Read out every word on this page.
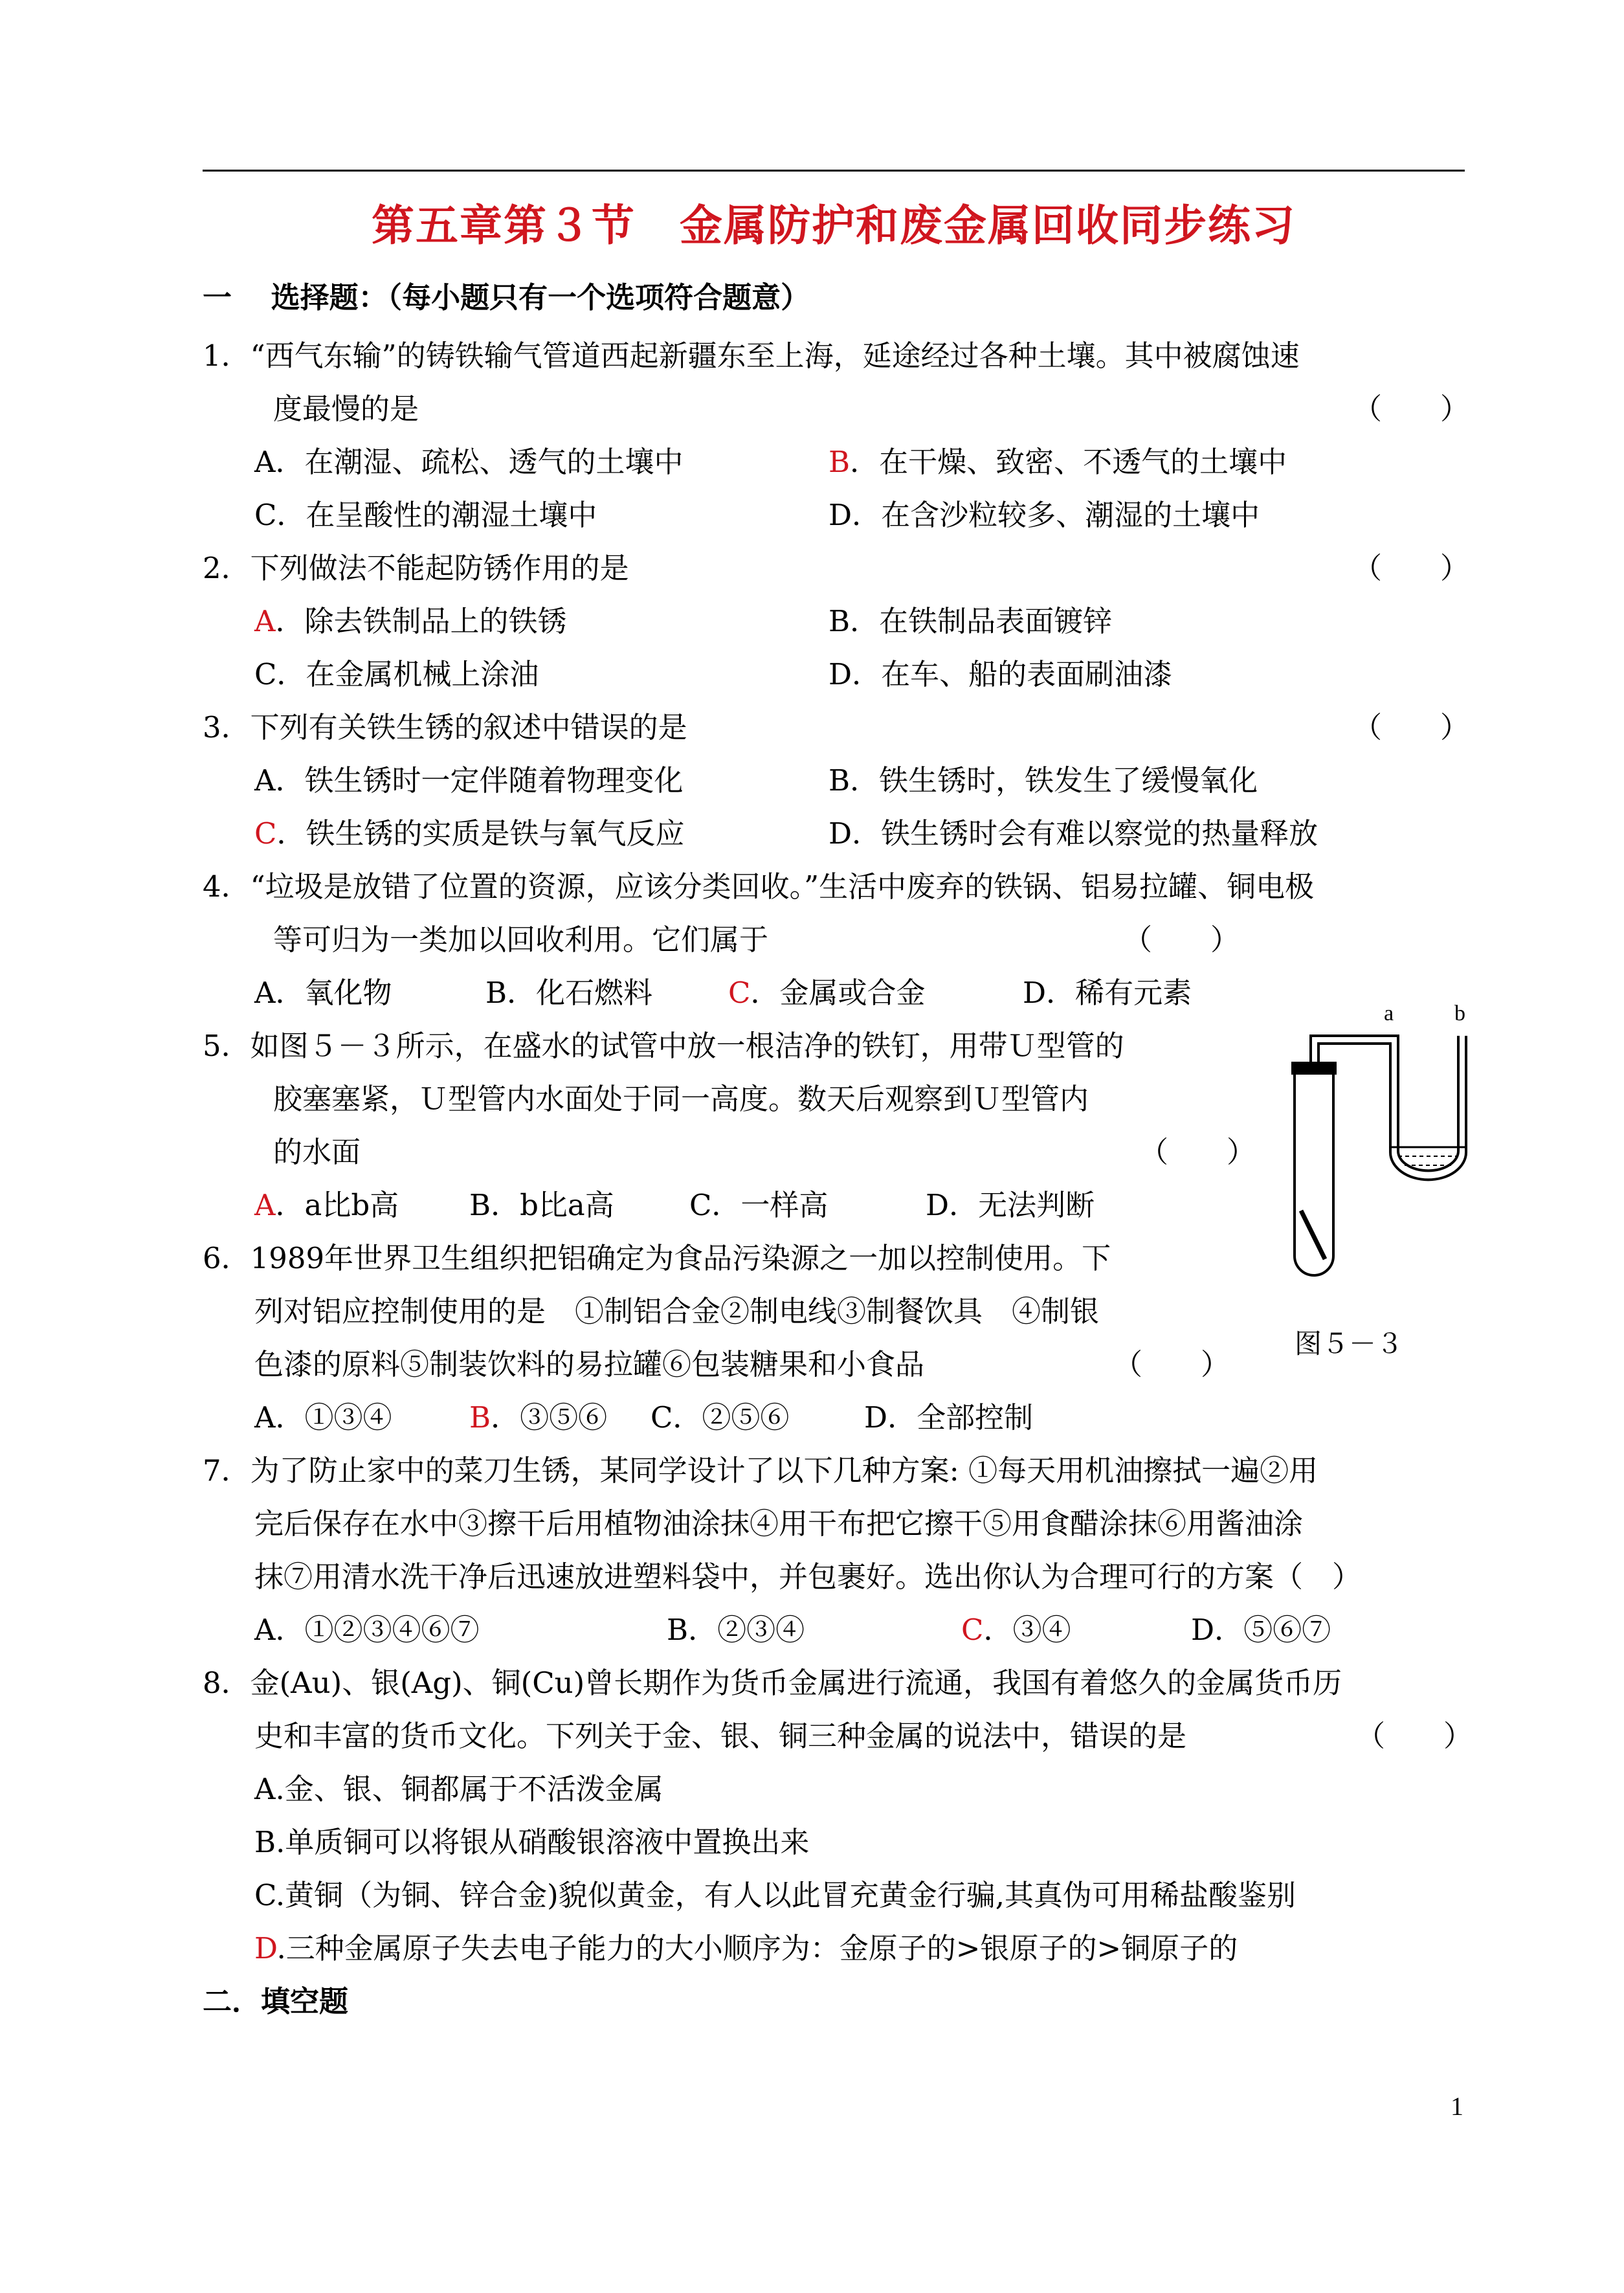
第五章第３节　金属防护和废金属回收同步练习
一　 选择题：（每小题只有一个选项符合题意）
1．“西气东输”的铸铁输气管道西起新疆东至上海，延途经过各种土壤。其中被腐蚀速
度最慢的是	（　　）
A．在潮湿、疏松、透气的土壤中	B．在干燥、致密、不透气的土壤中
C．在呈酸性的潮湿土壤中	D．在含沙粒较多、潮湿的土壤中
2．下列做法不能起防锈作用的是	（　　）
A．除去铁制品上的铁锈	B．在铁制品表面镀锌
C．在金属机械上涂油	D．在车、船的表面刷油漆
3．下列有关铁生锈的叙述中错误的是	（　　）
A．铁生锈时一定伴随着物理变化	B．铁生锈时，铁发生了缓慢氧化
C．铁生锈的实质是铁与氧气反应	D．铁生锈时会有难以察觉的热量释放
4．“垃圾是放错了位置的资源，应该分类回收。”生活中废弃的铁锅、铝易拉罐、铜电极
等可归为一类加以回收利用。它们属于	（　　）
A．氧化物	B．化石燃料	C．金属或合金	D．稀有元素
5．如图５－３所示，在盛水的试管中放一根洁净的铁钉，用带Ｕ型管的
胶塞塞紧，Ｕ型管内水面处于同一高度。数天后观察到Ｕ型管内
的水面	（　　）
A．a比b高 B．b比a高	C．一样高	D．无法判断
a	b
图５－３
6．1989年世界卫生组织把铝确定为食品污染源之一加以控制使用。下
列对铝应控制使用的是　①制铝合金②制电线③制餐饮具　④制银
色漆的原料⑤制装饮料的易拉罐⑥包装糖果和小食品	（　　）
A．①③④	B．③⑤⑥ C．②⑤⑥	D．全部控制
7．为了防止家中的菜刀生锈，某同学设计了以下几种方案: ①每天用机油擦拭一遍②用
完后保存在水中③擦干后用植物油涂抹④用干布把它擦干⑤用食醋涂抹⑥用酱油涂
抹⑦用清水洗干净后迅速放进塑料袋中，并包裹好。选出你认为合理可行的方案（　）
A．①②③④⑥⑦	B．②③④	C．③④	D．⑤⑥⑦
8．金(Au)、银(Ag)、铜(Cu)曾长期作为货币金属进行流通，我国有着悠久的金属货币历
史和丰富的货币文化。下列关于金、银、铜三种金属的说法中，错误的是	（　　）
A.金、银、铜都属于不活泼金属
B.单质铜可以将银从硝酸银溶液中置换出来
C.黄铜（为铜、锌合金)貌似黄金，有人以此冒充黄金行骗,其真伪可用稀盐酸鉴别
D.三种金属原子失去电子能力的大小顺序为：金原子的>银原子的>铜原子的
二．填空题
1
